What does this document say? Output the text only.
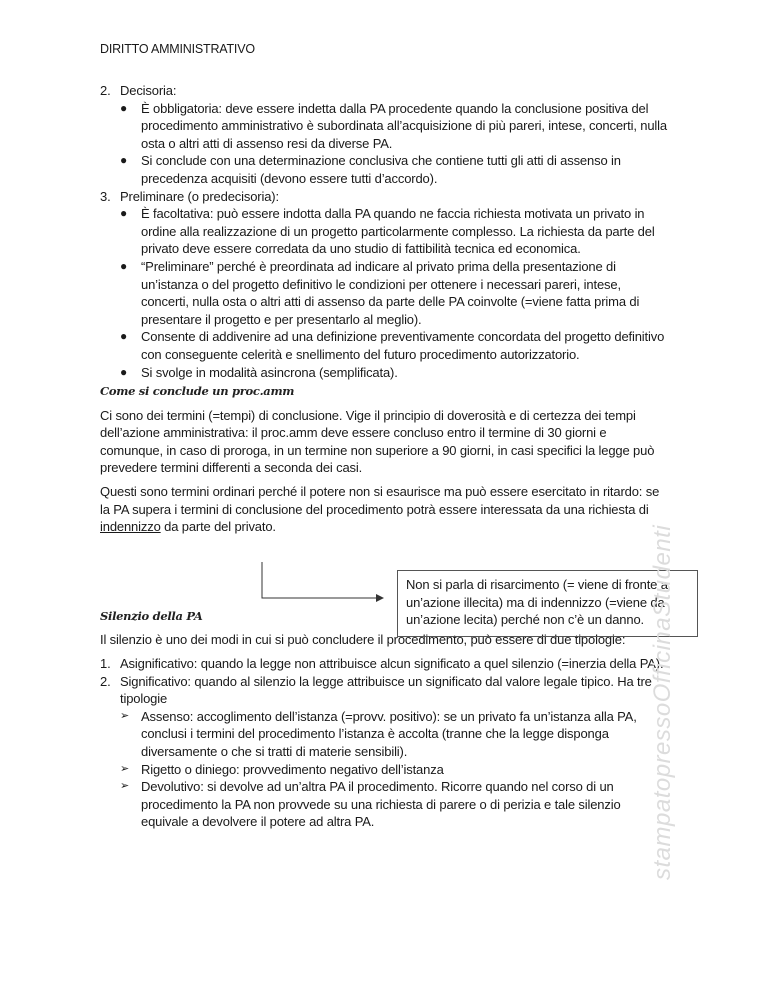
DIRITTO AMMINISTRATIVO
2. Decisoria:
● È obbligatoria: deve essere indetta dalla PA procedente quando la conclusione positiva del procedimento amministrativo è subordinata all’acquisizione di più pareri, intese, concerti, nulla osta o altri atti di assenso resi da diverse PA.
● Si conclude con una determinazione conclusiva che contiene tutti gli atti di assenso in precedenza acquisiti (devono essere tutti d’accordo).
3. Preliminare (o predecisoria):
● È facoltativa: può essere indotta dalla PA quando ne faccia richiesta motivata un privato in ordine alla realizzazione di un progetto particolarmente complesso. La richiesta da parte del privato deve essere corredata da uno studio di fattibilità tecnica ed economica.
● “Preliminare” perché è preordinata ad indicare al privato prima della presentazione di un’istanza o del progetto definitivo le condizioni per ottenere i necessari pareri, intese, concerti, nulla osta o altri atti di assenso da parte delle PA coinvolte (=viene fatta prima di presentare il progetto e per presentarlo al meglio).
● Consente di addivenire ad una definizione preventivamente concordata del progetto definitivo con conseguente celerità e snellimento del futuro procedimento autorizzatorio.
● Si svolge in modalità asincrona (semplificata).
Come si conclude un proc.amm
Ci sono dei termini (=tempi) di conclusione. Vige il principio di doverosità e di certezza dei tempi dell’azione amministrativa: il proc.amm deve essere concluso entro il termine di 30 giorni e comunque, in caso di proroga, in un termine non superiore a 90 giorni, in casi specifici la legge può prevedere termini differenti a seconda dei casi.
Questi sono termini ordinari perché il potere non si esaurisce ma può essere esercitato in ritardo: se la PA supera i termini di conclusione del procedimento potrà essere interessata da una richiesta di indennizzo da parte del privato.
Silenzio della PA
Il silenzio è uno dei modi in cui si può concludere il procedimento, può essere di due tipologie:
1. Asignificativo: quando la legge non attribuisce alcun significato a quel silenzio (=inerzia della PA).
2. Significativo: quando al silenzio la legge attribuisce un significato dal valore legale tipico. Ha tre tipologie
➢ Assenso: accoglimento dell’istanza (=provv. positivo): se un privato fa un’istanza alla PA, conclusi i termini del procedimento l’istanza è accolta (tranne che la legge disponga diversamente o che si tratti di materie sensibili).
➢ Rigetto o diniego: provvedimento negativo dell’istanza
➢ Devolutivo: si devolve ad un’altra PA il procedimento. Ricorre quando nel corso di un procedimento la PA non provvede su una richiesta di parere o di perizia e tale silenzio equivale a devolvere il potere ad altra PA.
Non si parla di risarcimento (= viene di fronte a un’azione illecita) ma di indennizzo (=viene da un’azione lecita) perché non c’è un danno. stampatopressoOfficinaStudenti
